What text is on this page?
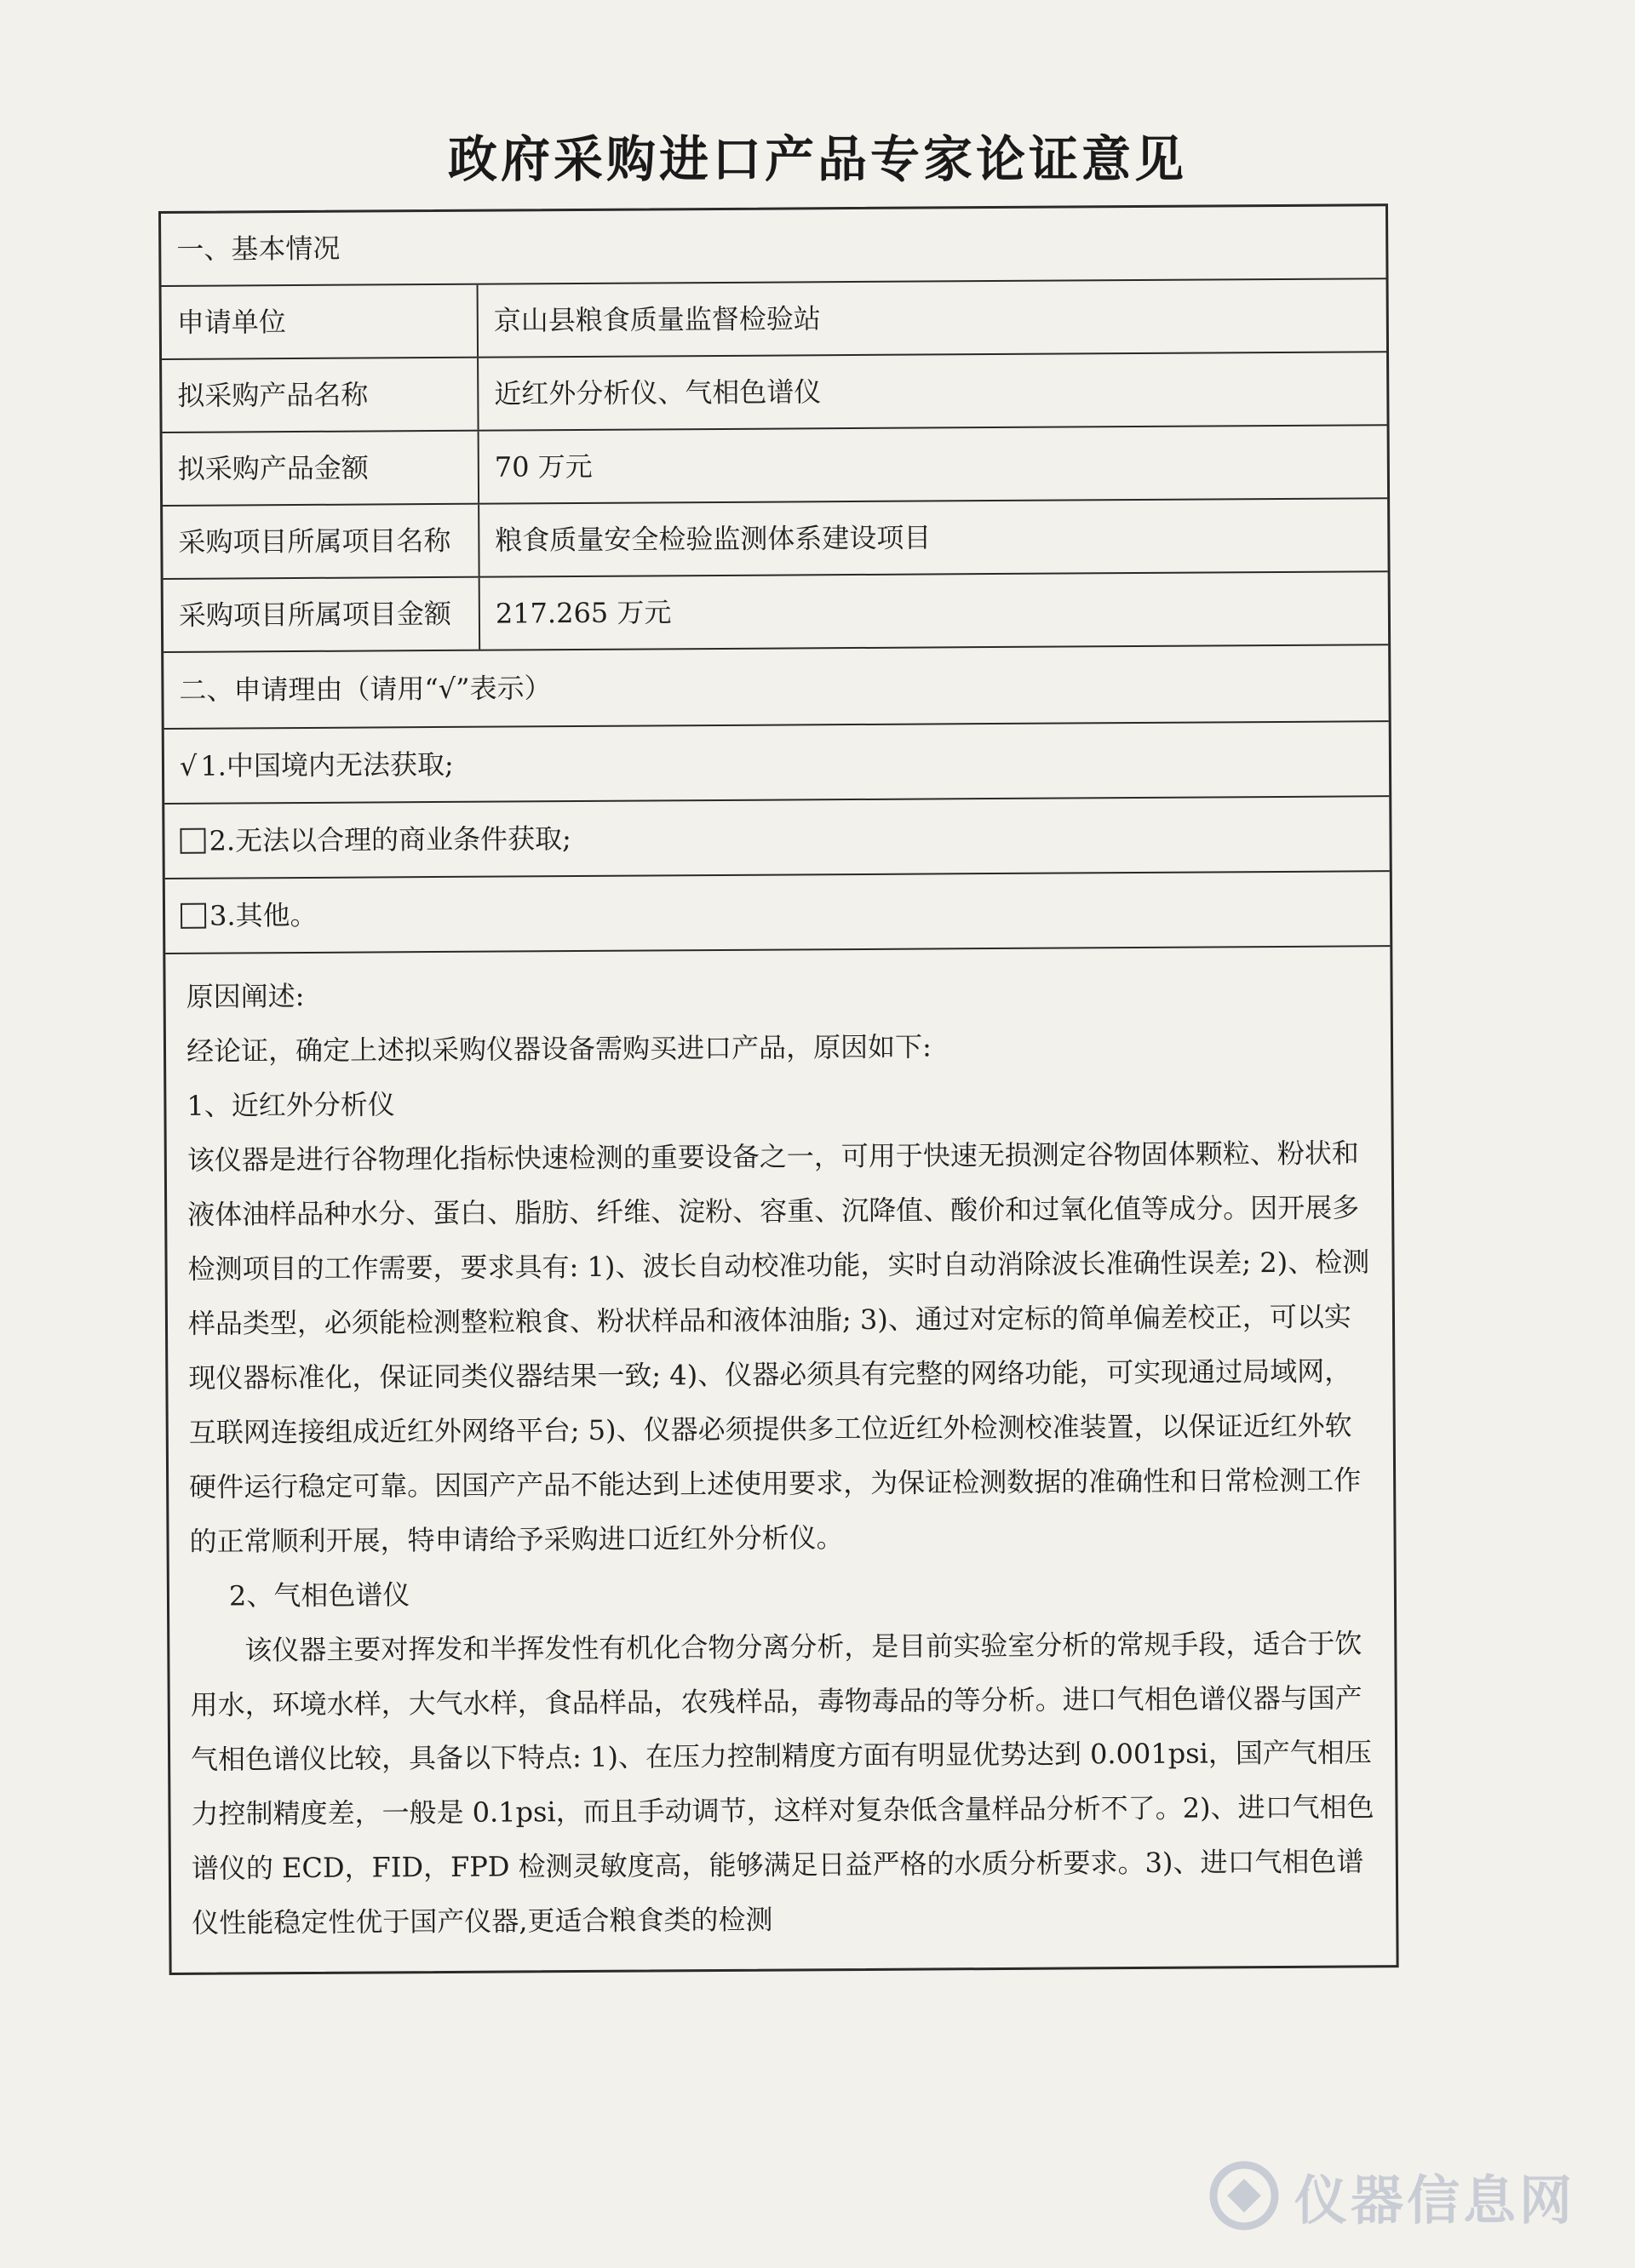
政府采购进口产品专家论证意见
一、基本情况
申请单位	京山县粮食质量监督检验站
拟采购产品名称	近红外分析仪、气相色谱仪
拟采购产品金额	70 万元
采购项目所属项目名称	粮食质量安全检验监测体系建设项目
采购项目所属项目金额	217.265 万元
二、申请理由（请用“√”表示）
√ 1.中国境内无法获取;
2.无法以合理的商业条件获取;
3.其他。

原因阐述:

经论证，确定上述拟采购仪器设备需购买进口产品，原因如下:

1、近红外分析仪

该仪器是进行谷物理化指标快速检测的重要设备之一，可用于快速无损测定谷物固体颗粒、粉状和液体油样品种水分、蛋白、脂肪、纤维、淀粉、容重、沉降值、酸价和过氧化值等成分。因开展多检测项目的工作需要，要求具有: 1)、波长自动校准功能，实时自动消除波长准确性误差; 2)、检测样品类型，必须能检测整粒粮食、粉状样品和液体油脂; 3)、通过对定标的简单偏差校正，可以实现仪器标准化，保证同类仪器结果一致; 4)、仪器必须具有完整的网络功能，可实现通过局域网，互联网连接组成近红外网络平台; 5)、仪器必须提供多工位近红外检测校准装置，以保证近红外软硬件运行稳定可靠。因国产产品不能达到上述使用要求，为保证检测数据的准确性和日常检测工作的正常顺利开展，特申请给予采购进口近红外分析仪。

2、气相色谱仪

该仪器主要对挥发和半挥发性有机化合物分离分析，是目前实验室分析的常规手段，适合于饮用水，环境水样，大气水样，食品样品，农残样品，毒物毒品的等分析。进口气相色谱仪器与国产气相色谱仪比较，具备以下特点: 1)、在压力控制精度方面有明显优势达到 0.001psi，国产气相压力控制精度差，一般是 0.1psi，而且手动调节，这样对复杂低含量样品分析不了。2)、进口气相色谱仪的 ECD，FID，FPD 检测灵敏度高，能够满足日益严格的水质分析要求。3)、进口气相色谱仪性能稳定性优于国产仪器,更适合粮食类的检测

仪器信息网
